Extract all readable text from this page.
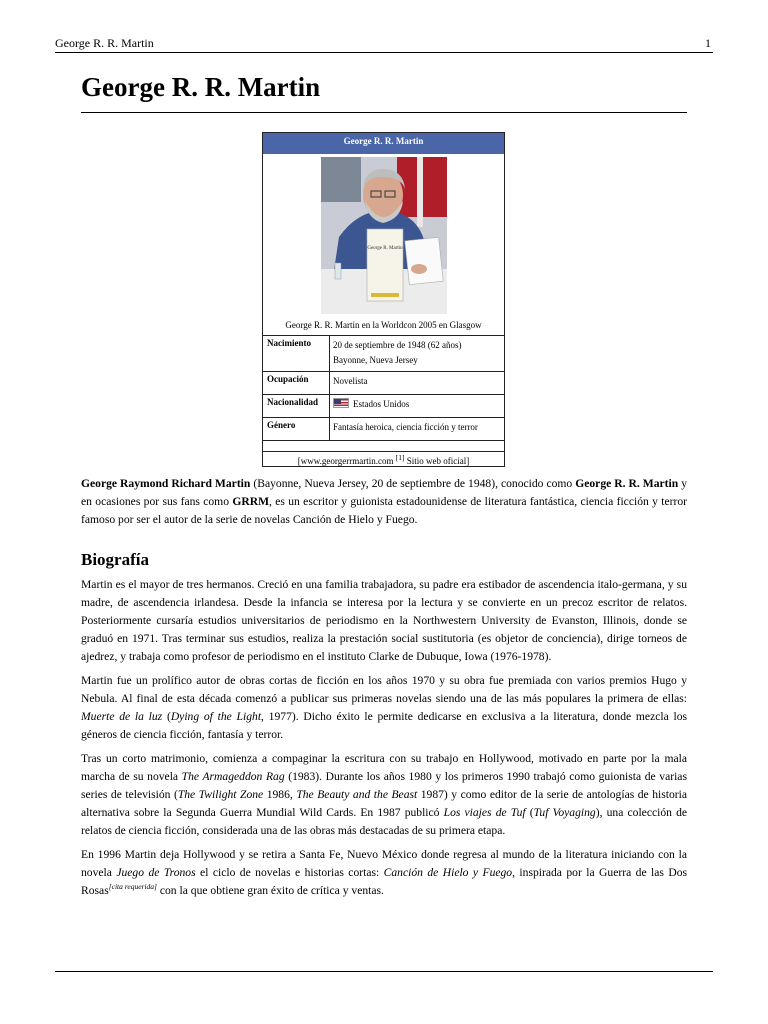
George R. R. Martin	1
George R. R. Martin
George R. R. Martin
George R. Martin
George R. R. Martin en la Worldcon 2005 en Glasgow
Nacimiento	20 de septiembre de 1948 (62 años)
Bayonne, Nueva Jersey
Ocupación	Novelista
Nacionalidad	Estados Unidos
Género	Fantasía heroica, ciencia ficción y terror
[www.georgerrmartin.com [1] Sitio web oficial]

George Raymond Richard Martin (Bayonne, Nueva Jersey, 20 de septiembre de 1948), conocido como George R. R. Martin y en ocasiones por sus fans como GRRM, es un escritor y guionista estadounidense de literatura fantástica, ciencia ficción y terror famoso por ser el autor de la serie de novelas Canción de Hielo y Fuego.

Biografía

Martin es el mayor de tres hermanos. Creció en una familia trabajadora, su padre era estibador de ascendencia italo-germana, y su madre, de ascendencia irlandesa. Desde la infancia se interesa por la lectura y se convierte en un precoz escritor de relatos. Posteriormente cursaría estudios universitarios de periodismo en la Northwestern University de Evanston, Illinois, donde se graduó en 1971. Tras terminar sus estudios, realiza la prestación social sustitutoria (es objetor de conciencia), dirige torneos de ajedrez, y trabaja como profesor de periodismo en el instituto Clarke de Dubuque, Iowa (1976-1978).

Martin fue un prolífico autor de obras cortas de ficción en los años 1970 y su obra fue premiada con varios premios Hugo y Nebula. Al final de esta década comenzó a publicar sus primeras novelas siendo una de las más populares la primera de ellas: Muerte de la luz (Dying of the Light, 1977). Dicho éxito le permite dedicarse en exclusiva a la literatura, donde mezcla los géneros de ciencia ficción, fantasía y terror.

Tras un corto matrimonio, comienza a compaginar la escritura con su trabajo en Hollywood, motivado en parte por la mala marcha de su novela The Armageddon Rag (1983). Durante los años 1980 y los primeros 1990 trabajó como guionista de varias series de televisión (The Twilight Zone 1986, The Beauty and the Beast 1987) y como editor de la serie de antologías de historia alternativa sobre la Segunda Guerra Mundial Wild Cards. En 1987 publicó Los viajes de Tuf (Tuf Voyaging), una colección de relatos de ciencia ficción, considerada una de las obras más destacadas de su primera etapa.

En 1996 Martin deja Hollywood y se retira a Santa Fe, Nuevo México donde regresa al mundo de la literatura iniciando con la novela Juego de Tronos el ciclo de novelas e historias cortas: Canción de Hielo y Fuego, inspirada por la Guerra de las Dos Rosas[cita requerida] con la que obtiene gran éxito de crítica y ventas.
